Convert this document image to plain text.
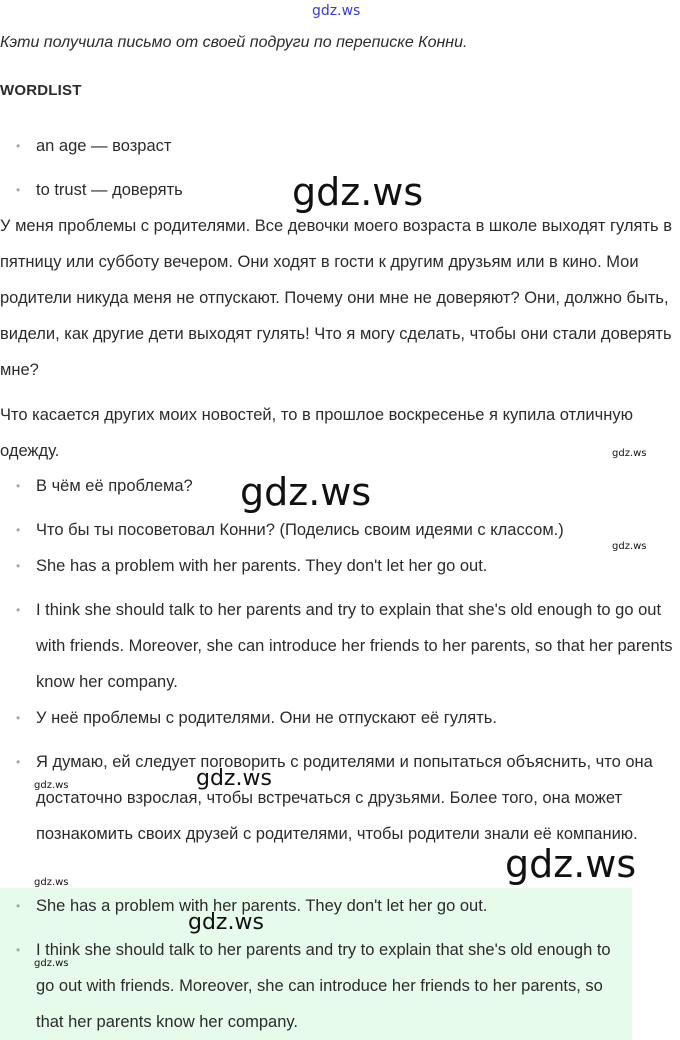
gdz.ws
Кэти получила письмо от своей подруги по переписке Конни.
WORDLIST
• an age — возраст
• to trust — доверять

У меня проблемы с родителями. Все девочки моего возраста в школе выходят гулять в пятницу или субботу вечером. Они ходят в гости к другим друзьям или в кино. Мои родители никуда меня не отпускают. Почему они мне не доверяют? Они, должно быть, видели, как другие дети выходят гулять! Что я могу сделать, чтобы они стали доверять мне?

Что касается других моих новостей, то в прошлое воскресенье я купила отличную одежду.

• В чём её проблема?
• Что бы ты посоветовал Конни? (Поделись своим идеями с классом.)
• She has a problem with her parents. They don't let her go out.
• I think she should talk to her parents and try to explain that she's old enough to go out with friends. Moreover, she can introduce her friends to her parents, so that her parents know her company.
• У неё проблемы с родителями. Они не отпускают её гулять.
• Я думаю, ей следует поговорить с родителями и попытаться объяснить, что она достаточно взрослая, чтобы встречаться с друзьями. Более того, она может познакомить своих друзей с родителями, чтобы родители знали её компанию.
• She has a problem with her parents. They don't let her go out.
• I think she should talk to her parents and try to explain that she's old enough to go out with friends. Moreover, she can introduce her friends to her parents, so that her parents know her company.
gdz.ws
gdz.ws
gdz.ws
gdz.ws
gdz.ws
gdz.ws
gdz.ws
gdz.ws
gdz.ws
gdz.ws
